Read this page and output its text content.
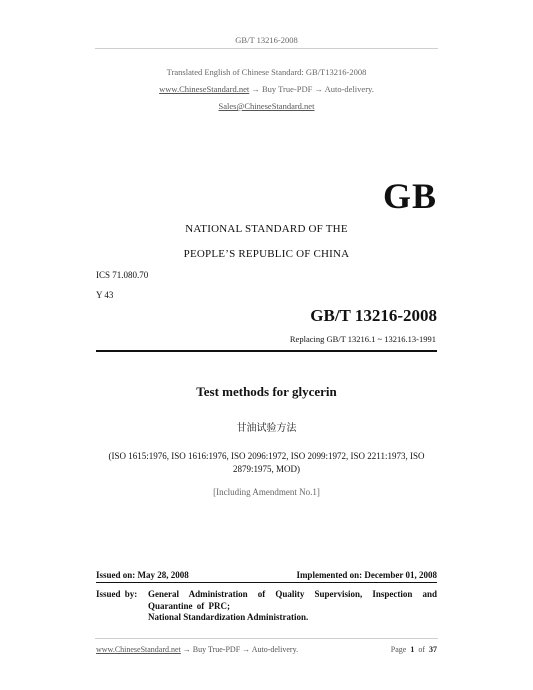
GB/T 13216-2008
Translated English of Chinese Standard: GB/T13216-2008
www.ChineseStandard.net → Buy True-PDF → Auto-delivery.
Sales@ChineseStandard.net
GB
NATIONAL STANDARD OF THE
PEOPLE’S REPUBLIC OF CHINA
ICS 71.080.70
Y 43
GB/T 13216-2008
Replacing GB/T 13216.1 ~ 13216.13-1991
Test methods for glycerin
甘油试验方法
(ISO 1615:1976, ISO 1616:1976, ISO 2096:1972, ISO 2099:1972, ISO 2211:1973, ISO 2879:1975, MOD)
[Including Amendment No.1]
Issued on: May 28, 2008	Implemented on: December 01, 2008
Issued by:	General Administration of Quality Supervision, Inspection and Quarantine of PRC;
National Standardization Administration.
www.ChineseStandard.net → Buy True-PDF → Auto-delivery.	Page 1 of 37
